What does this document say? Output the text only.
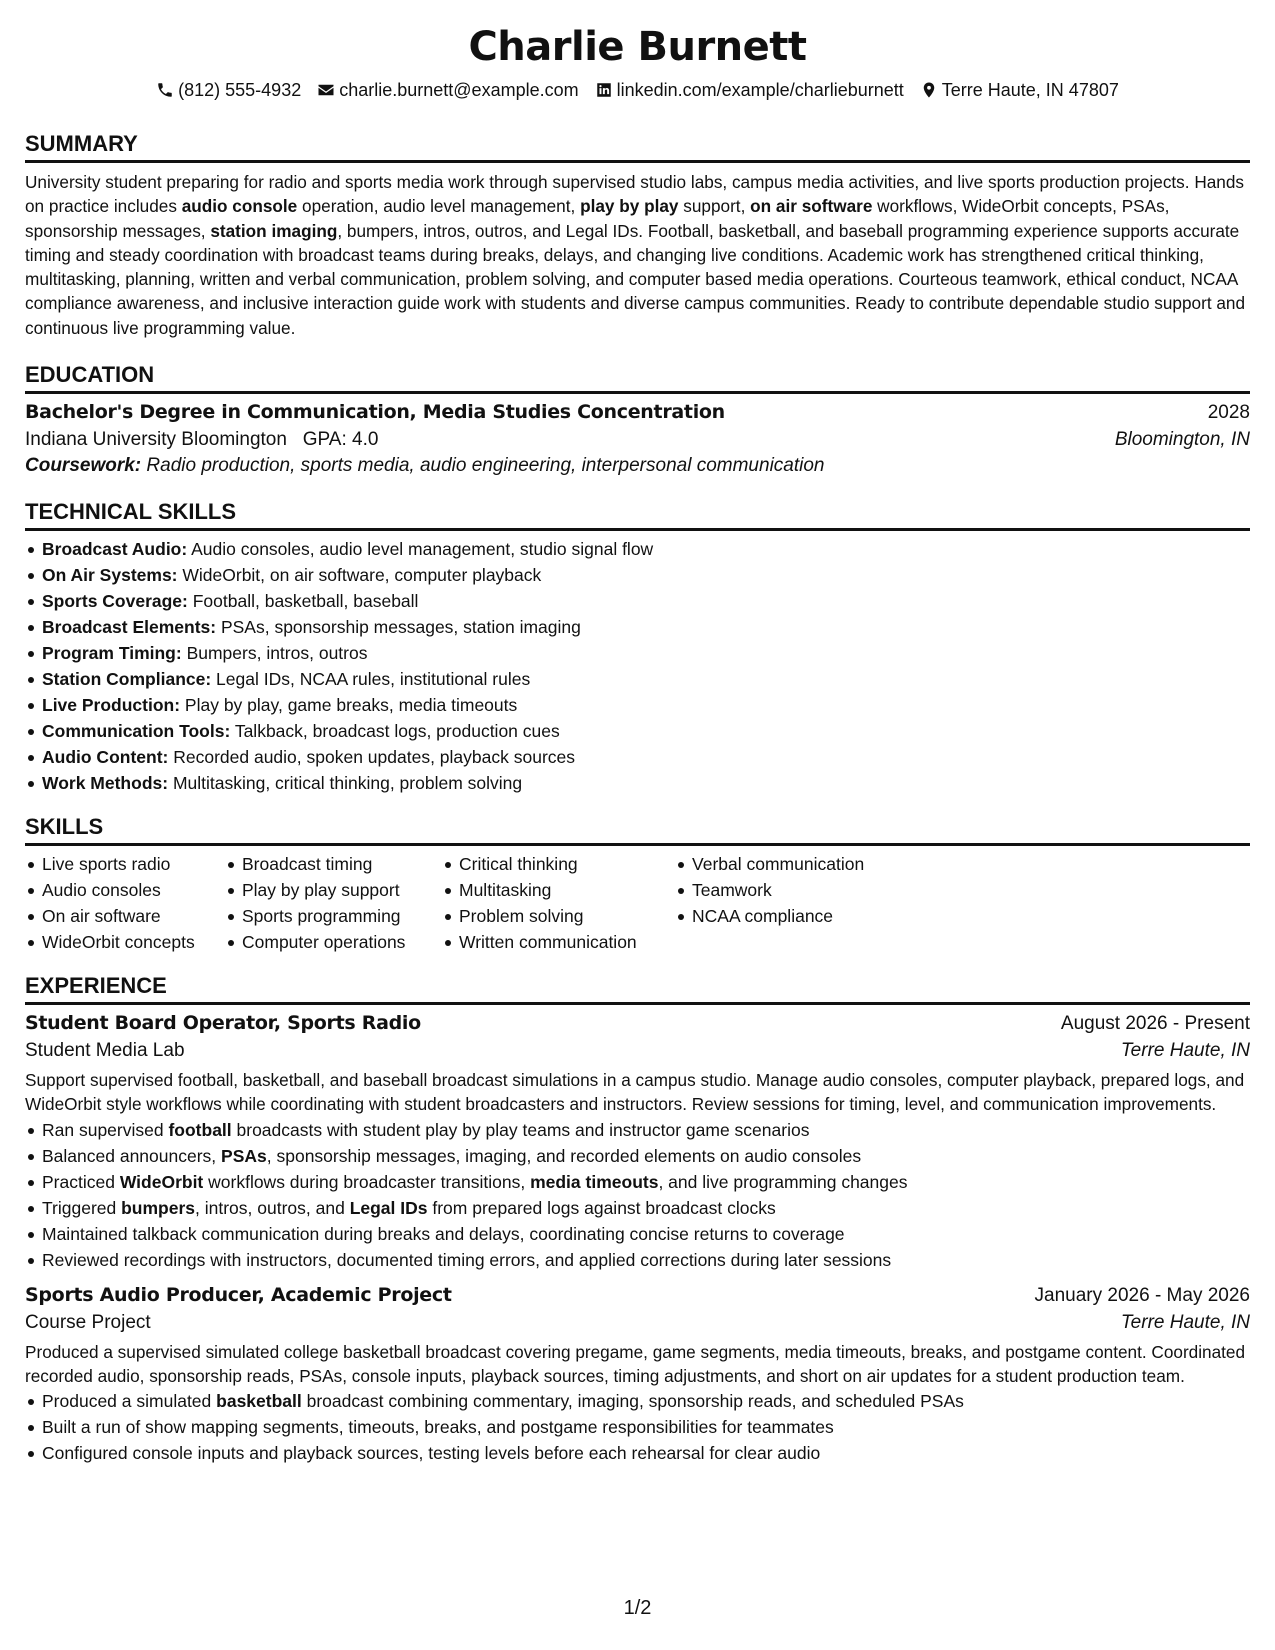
Charlie Burnett
(812) 555-4932 charlie.burnett@example.com linkedin.com/example/charlieburnett Terre Haute, IN 47807
SUMMARY

University student preparing for radio and sports media work through supervised studio labs, campus media activities, and live sports production projects. Hands on practice includes audio console operation, audio level management, play by play support, on air software workflows, WideOrbit concepts, PSAs, sponsorship messages, station imaging, bumpers, intros, outros, and Legal IDs. Football, basketball, and baseball programming experience supports accurate timing and steady coordination with broadcast teams during breaks, delays, and changing live conditions. Academic work has strengthened critical thinking, multitasking, planning, written and verbal communication, problem solving, and computer based media operations. Courteous teamwork, ethical conduct, NCAA compliance awareness, and inclusive interaction guide work with students and diverse campus communities. Ready to contribute dependable studio support and continuous live programming value.

EDUCATION
Bachelor's Degree in Communication, Media Studies Concentration	2028
Indiana University Bloomington GPA: 4.0	Bloomington, IN
Coursework: Radio production, sports media, audio engineering, interpersonal communication
TECHNICAL SKILLS
Broadcast Audio: Audio consoles, audio level management, studio signal flow
On Air Systems: WideOrbit, on air software, computer playback
Sports Coverage: Football, basketball, baseball
Broadcast Elements: PSAs, sponsorship messages, station imaging
Program Timing: Bumpers, intros, outros
Station Compliance: Legal IDs, NCAA rules, institutional rules
Live Production: Play by play, game breaks, media timeouts
Communication Tools: Talkback, broadcast logs, production cues
Audio Content: Recorded audio, spoken updates, playback sources
Work Methods: Multitasking, critical thinking, problem solving
SKILLS
Live sports radio
Audio consoles
On air software
WideOrbit concepts
Broadcast timing
Play by play support
Sports programming
Computer operations
Critical thinking
Multitasking
Problem solving
Written communication
Verbal communication
Teamwork
NCAA compliance
EXPERIENCE
Student Board Operator, Sports Radio	August 2026 - Present
Student Media Lab	Terre Haute, IN

Support supervised football, basketball, and baseball broadcast simulations in a campus studio. Manage audio consoles, computer playback, prepared logs, and WideOrbit style workflows while coordinating with student broadcasters and instructors. Review sessions for timing, level, and communication improvements.

Ran supervised football broadcasts with student play by play teams and instructor game scenarios
Balanced announcers, PSAs, sponsorship messages, imaging, and recorded elements on audio consoles
Practiced WideOrbit workflows during broadcaster transitions, media timeouts, and live programming changes
Triggered bumpers, intros, outros, and Legal IDs from prepared logs against broadcast clocks
Maintained talkback communication during breaks and delays, coordinating concise returns to coverage
Reviewed recordings with instructors, documented timing errors, and applied corrections during later sessions
Sports Audio Producer, Academic Project	January 2026 - May 2026
Course Project	Terre Haute, IN

Produced a supervised simulated college basketball broadcast covering pregame, game segments, media timeouts, breaks, and postgame content. Coordinated recorded audio, sponsorship reads, PSAs, console inputs, playback sources, timing adjustments, and short on air updates for a student production team.

Produced a simulated basketball broadcast combining commentary, imaging, sponsorship reads, and scheduled PSAs
Built a run of show mapping segments, timeouts, breaks, and postgame responsibilities for teammates
Configured console inputs and playback sources, testing levels before each rehearsal for clear audio
1/2
